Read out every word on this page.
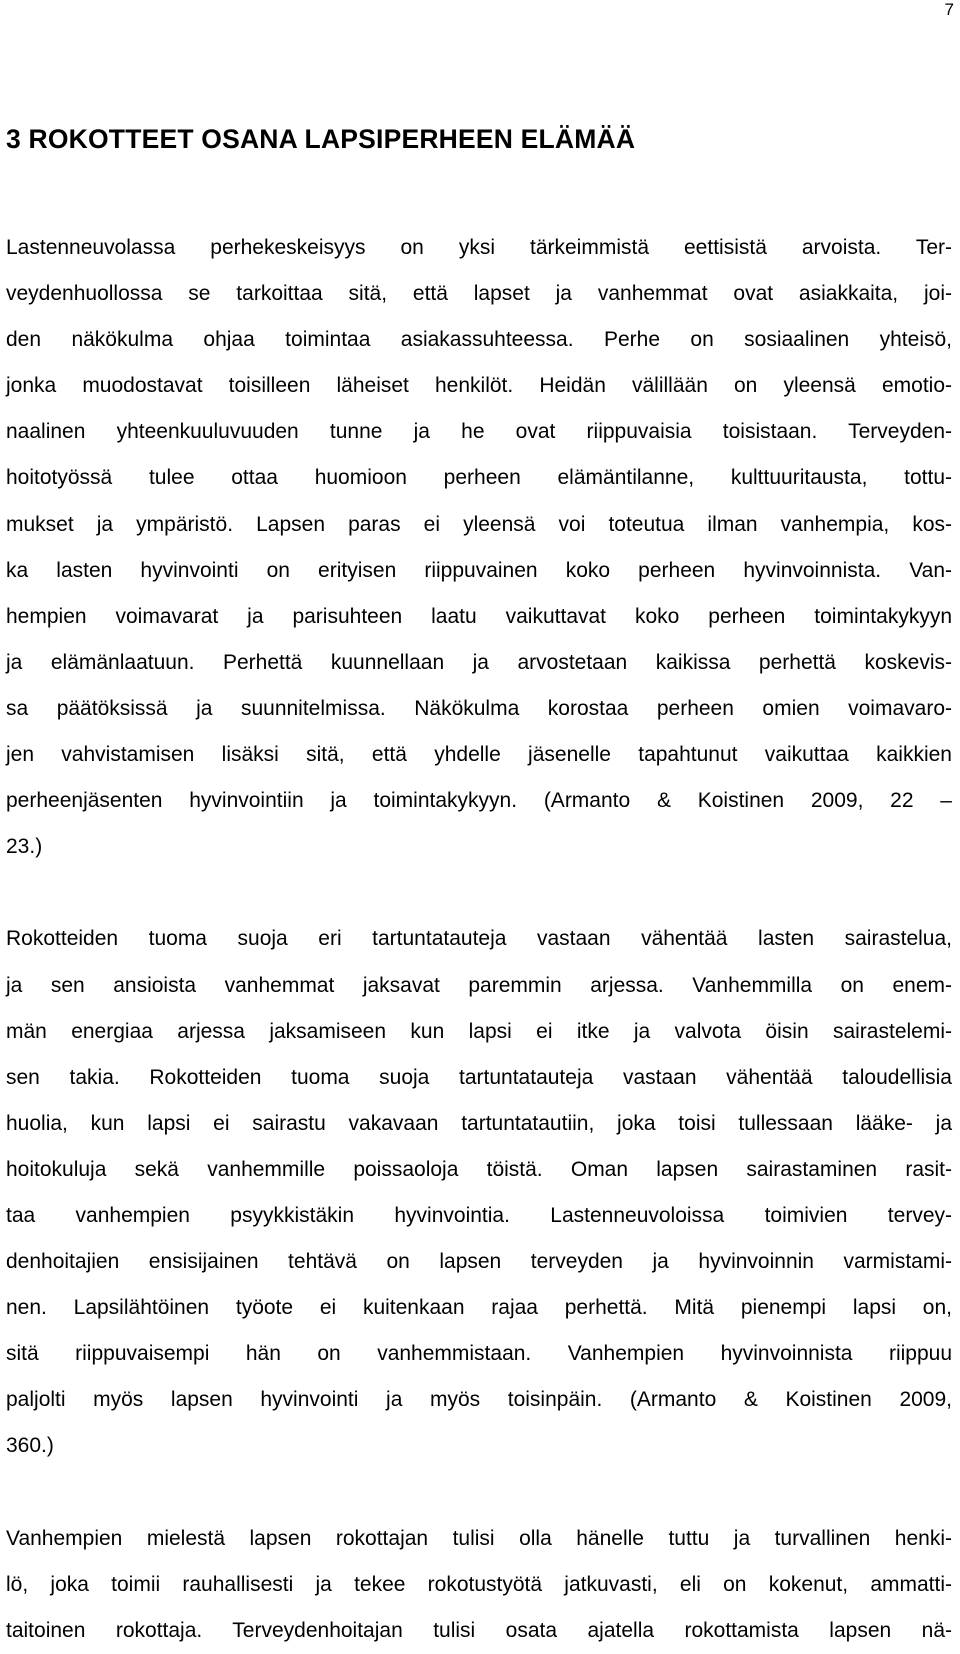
7
3 ROKOTTEET OSANA LAPSIPERHEEN ELÄMÄÄ
Lastenneuvolassa perhekeskeisyys on yksi tärkeimmistä eettisistä arvoista. Ter-
veydenhuollossa se tarkoittaa sitä, että lapset ja vanhemmat ovat asiakkaita, joi-
den näkökulma ohjaa toimintaa asiakassuhteessa. Perhe on sosiaalinen yhteisö,
jonka muodostavat toisilleen läheiset henkilöt. Heidän välillään on yleensä emotio-
naalinen yhteenkuuluvuuden tunne ja he ovat riippuvaisia toisistaan. Terveyden-
hoitotyössä tulee ottaa huomioon perheen elämäntilanne, kulttuuritausta, tottu-
mukset ja ympäristö. Lapsen paras ei yleensä voi toteutua ilman vanhempia, kos-
ka lasten hyvinvointi on erityisen riippuvainen koko perheen hyvinvoinnista. Van-
hempien voimavarat ja parisuhteen laatu vaikuttavat koko perheen toimintakykyyn
ja elämänlaatuun. Perhettä kuunnellaan ja arvostetaan kaikissa perhettä koskevis-
sa päätöksissä ja suunnitelmissa. Näkökulma korostaa perheen omien voimavaro-
jen vahvistamisen lisäksi sitä, että yhdelle jäsenelle tapahtunut vaikuttaa kaikkien
perheenjäsenten hyvinvointiin ja toimintakykyyn. (Armanto & Koistinen 2009, 22 –
23.)
Rokotteiden tuoma suoja eri tartuntatauteja vastaan vähentää lasten sairastelua,
ja sen ansioista vanhemmat jaksavat paremmin arjessa. Vanhemmilla on enem-
män energiaa arjessa jaksamiseen kun lapsi ei itke ja valvota öisin sairastelemi-
sen takia. Rokotteiden tuoma suoja tartuntatauteja vastaan vähentää taloudellisia
huolia, kun lapsi ei sairastu vakavaan tartuntatautiin, joka toisi tullessaan lääke- ja
hoitokuluja sekä vanhemmille poissaoloja töistä. Oman lapsen sairastaminen rasit-
taa vanhempien psyykkistäkin hyvinvointia. Lastenneuvoloissa toimivien tervey-
denhoitajien ensisijainen tehtävä on lapsen terveyden ja hyvinvoinnin varmistami-
nen. Lapsilähtöinen työote ei kuitenkaan rajaa perhettä. Mitä pienempi lapsi on,
sitä riippuvaisempi hän on vanhemmistaan. Vanhempien hyvinvoinnista riippuu
paljolti myös lapsen hyvinvointi ja myös toisinpäin. (Armanto & Koistinen 2009,
360.)
Vanhempien mielestä lapsen rokottajan tulisi olla hänelle tuttu ja turvallinen henki-
lö, joka toimii rauhallisesti ja tekee rokotustyötä jatkuvasti, eli on kokenut, ammatti-
taitoinen rokottaja. Terveydenhoitajan tulisi osata ajatella rokottamista lapsen nä-
